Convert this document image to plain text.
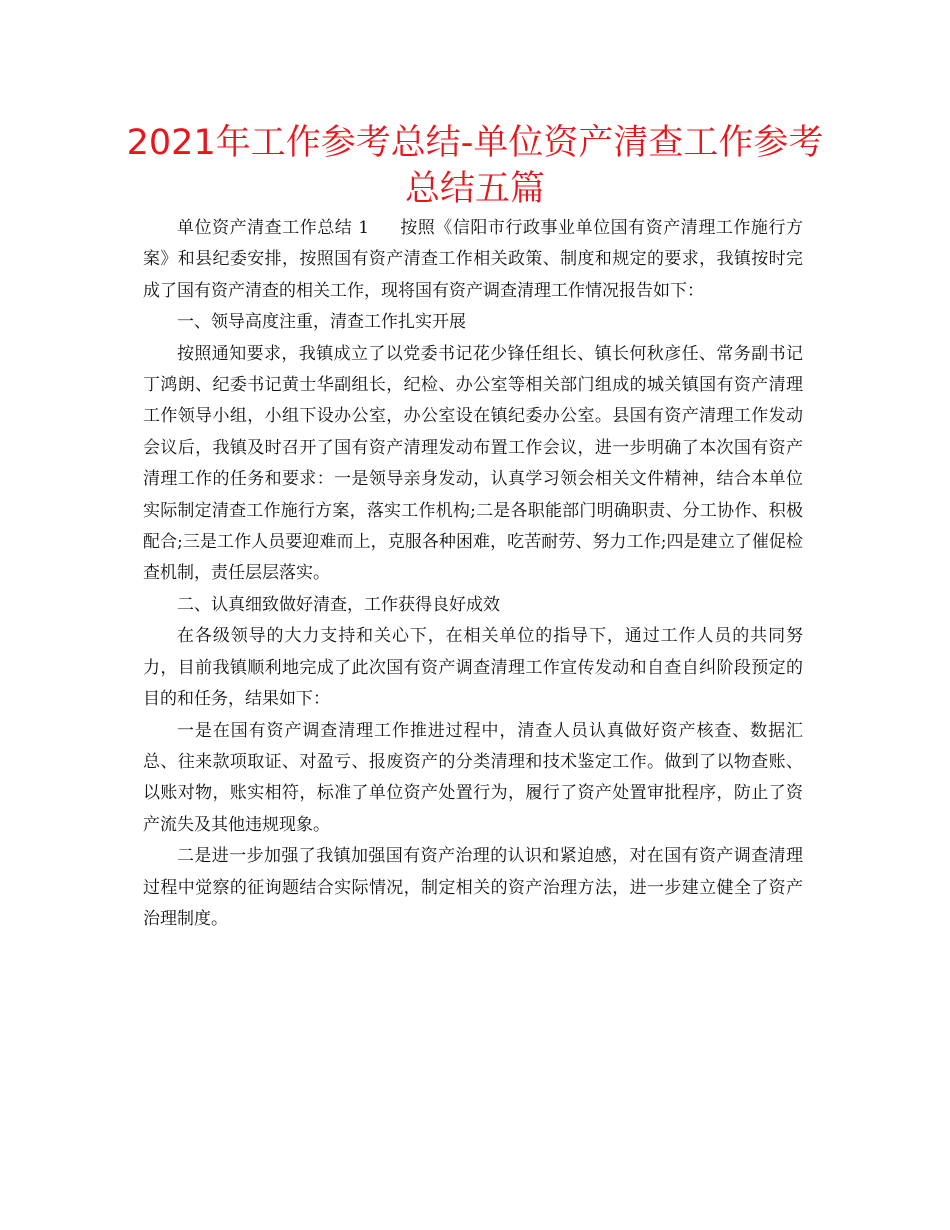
2021年工作参考总结-单位资产清查工作参考总结五篇

单位资产清查工作总结 1 按照《信阳市行政事业单位国有资产清理工作施行方案》和县纪委安排，按照国有资产清查工作相关政策、制度和规定的要求，我镇按时完成了国有资产清查的相关工作，现将国有资产调查清理工作情况报告如下：

一、领导高度注重，清查工作扎实开展

按照通知要求，我镇成立了以党委书记花少锋任组长、镇长何秋彦任、常务副书记丁鸿朗、纪委书记黄士华副组长，纪检、办公室等相关部门组成的城关镇国有资产清理工作领导小组，小组下设办公室，办公室设在镇纪委办公室。县国有资产清理工作发动会议后，我镇及时召开了国有资产清理发动布置工作会议，进一步明确了本次国有资产清理工作的任务和要求：一是领导亲身发动，认真学习领会相关文件精神，结合本单位实际制定清查工作施行方案，落实工作机构;二是各职能部门明确职责、分工协作、积极配合;三是工作人员要迎难而上，克服各种困难，吃苦耐劳、努力工作;四是建立了催促检查机制，责任层层落实。

二、认真细致做好清查，工作获得良好成效

在各级领导的大力支持和关心下，在相关单位的指导下，通过工作人员的共同努力，目前我镇顺利地完成了此次国有资产调查清理工作宣传发动和自查自纠阶段预定的目的和任务，结果如下：

一是在国有资产调查清理工作推进过程中，清查人员认真做好资产核查、数据汇总、往来款项取证、对盈亏、报废资产的分类清理和技术鉴定工作。做到了以物查账、以账对物，账实相符，标准了单位资产处置行为，履行了资产处置审批程序，防止了资产流失及其他违规现象。

二是进一步加强了我镇加强国有资产治理的认识和紧迫感，对在国有资产调查清理过程中觉察的征询题结合实际情况，制定相关的资产治理方法，进一步建立健全了资产治理制度。
